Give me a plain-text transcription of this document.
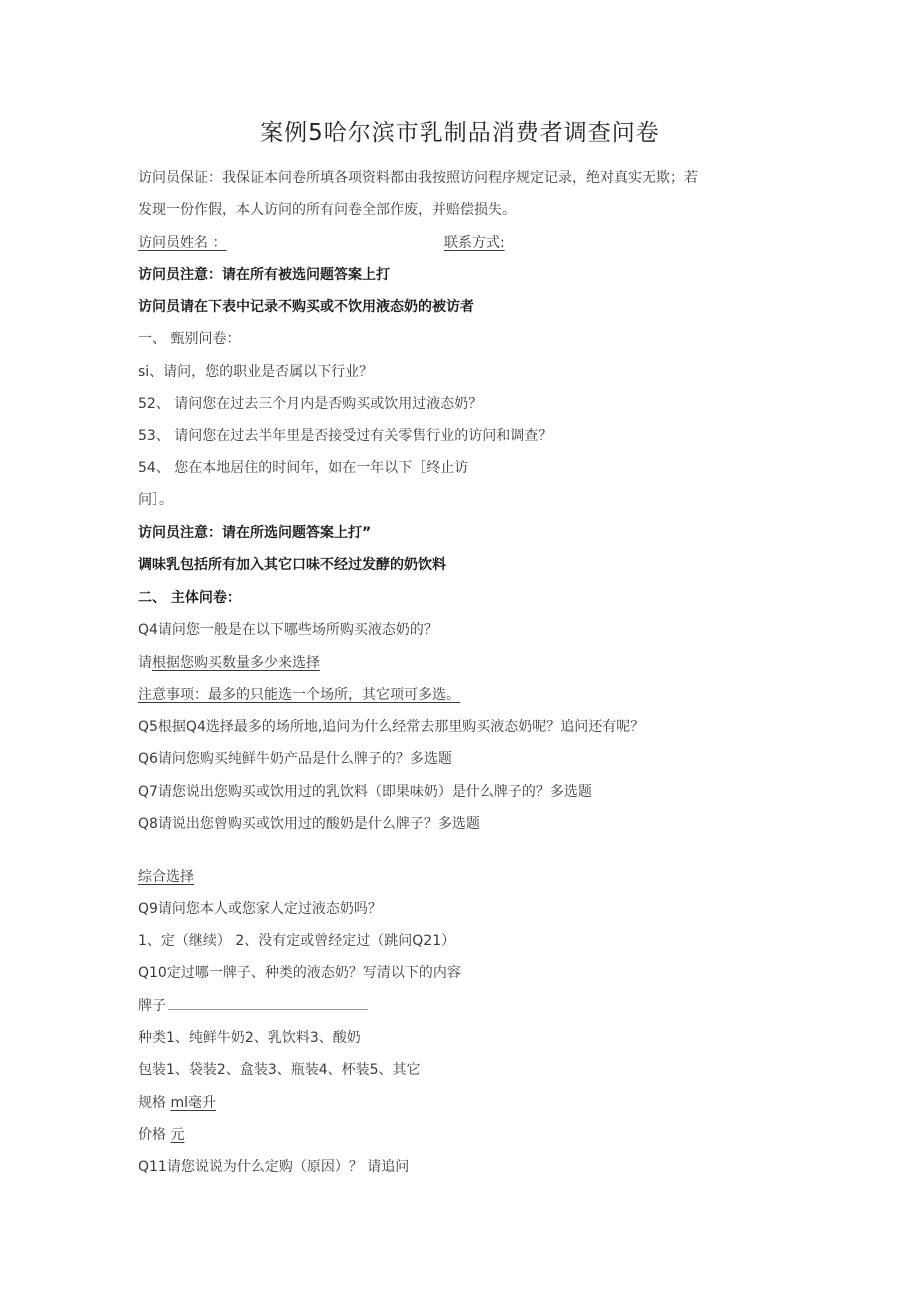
案例5哈尔滨市乳制品消费者调查问卷
访问员保证：我保证本问卷所填各项资料都由我按照访问程序规定记录，绝对真实无欺；若
发现一份作假，本人访问的所有问卷全部作废，并赔偿损失。
访问员姓名 ：	联系方式:
访问员注意：请在所有被选问题答案上打
访问员请在下表中记录不购买或不饮用液态奶的被访者
一、 甄别问卷：
si、请问，您的职业是否属以下行业？
52、 请问您在过去三个月内是否购买或饮用过液态奶？
53、 请问您在过去半年里是否接受过有关零售行业的访问和调查？
54、 您在本地居住的时间年，如在一年以下［终止访
问］。
访问员注意：请在所选问题答案上打”
调味乳包括所有加入其它口味不经过发酵的奶饮料
二、 主体问卷：
Q4请问您一般是在以下哪些场所购买液态奶的？
请根据您购买数量多少来选择
注意事项：最多的只能选一个场所，其它项可多选。
Q5根据Q4选择最多的场所地,追问为什么经常去那里购买液态奶呢？追问还有呢？
Q6请问您购买纯鲜牛奶产品是什么牌子的？多选题
Q7请您说出您购买或饮用过的乳饮料（即果味奶）是什么牌子的？多选题
Q8请说出您曾购买或饮用过的酸奶是什么牌子？多选题
综合选择
Q9请问您本人或您家人定过液态奶吗？
1、定（继续） 2、没有定或曾经定过（跳问Q21）
Q10定过哪一牌子、种类的液态奶？写清以下的内容
牌子
种类1、纯鲜牛奶2、乳饮料3、酸奶
包装1、袋装2、盒装3、瓶装4、杯装5、其它
规格 ml毫升
价格 元
Q11请您说说为什么定购（原因）？ 请追问
